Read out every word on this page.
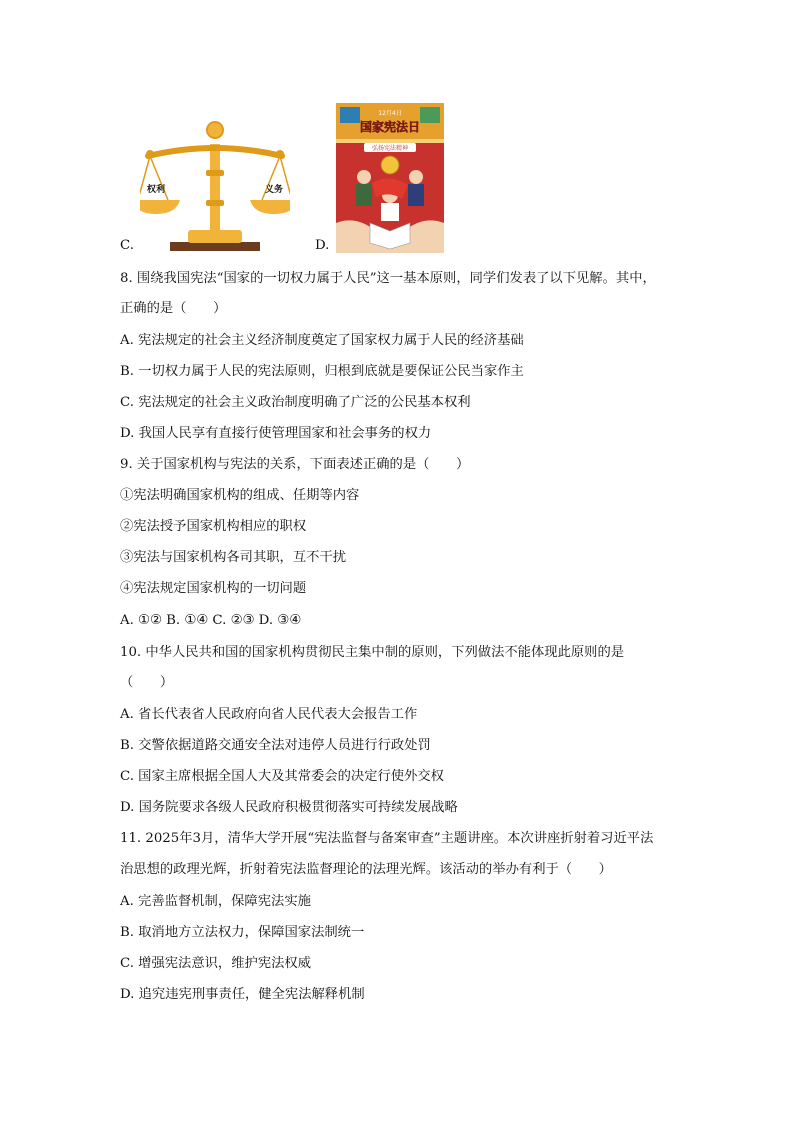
C.
权利	义务
D.
12月4日
国家宪法日
弘扬宪法精神
8. 围绕我国宪法“国家的一切权力属于人民”这一基本原则，同学们发表了以下见解。其中，
正确的是（　　）
A. 宪法规定的社会主义经济制度奠定了国家权力属于人民的经济基础
B. 一切权力属于人民的宪法原则，归根到底就是要保证公民当家作主
C. 宪法规定的社会主义政治制度明确了广泛的公民基本权利
D. 我国人民享有直接行使管理国家和社会事务的权力
9. 关于国家机构与宪法的关系，下面表述正确的是（　　）
①宪法明确国家机构的组成、任期等内容
②宪法授予国家机构相应的职权
③宪法与国家机构各司其职，互不干扰
④宪法规定国家机构的一切问题
A. ①② B. ①④ C. ②③ D. ③④
10. 中华人民共和国的国家机构贯彻民主集中制的原则，下列做法不能体现此原则的是
（　　）
A. 省长代表省人民政府向省人民代表大会报告工作
B. 交警依据道路交通安全法对违停人员进行行政处罚
C. 国家主席根据全国人大及其常委会的决定行使外交权
D. 国务院要求各级人民政府积极贯彻落实可持续发展战略
11. 2025年3月，清华大学开展“宪法监督与备案审查”主题讲座。本次讲座折射着习近平法
治思想的政理光辉，折射着宪法监督理论的法理光辉。该活动的举办有利于（　　）
A. 完善监督机制，保障宪法实施
B. 取消地方立法权力，保障国家法制统一
C. 增强宪法意识，维护宪法权威
D. 追究违宪刑事责任，健全宪法解释机制
